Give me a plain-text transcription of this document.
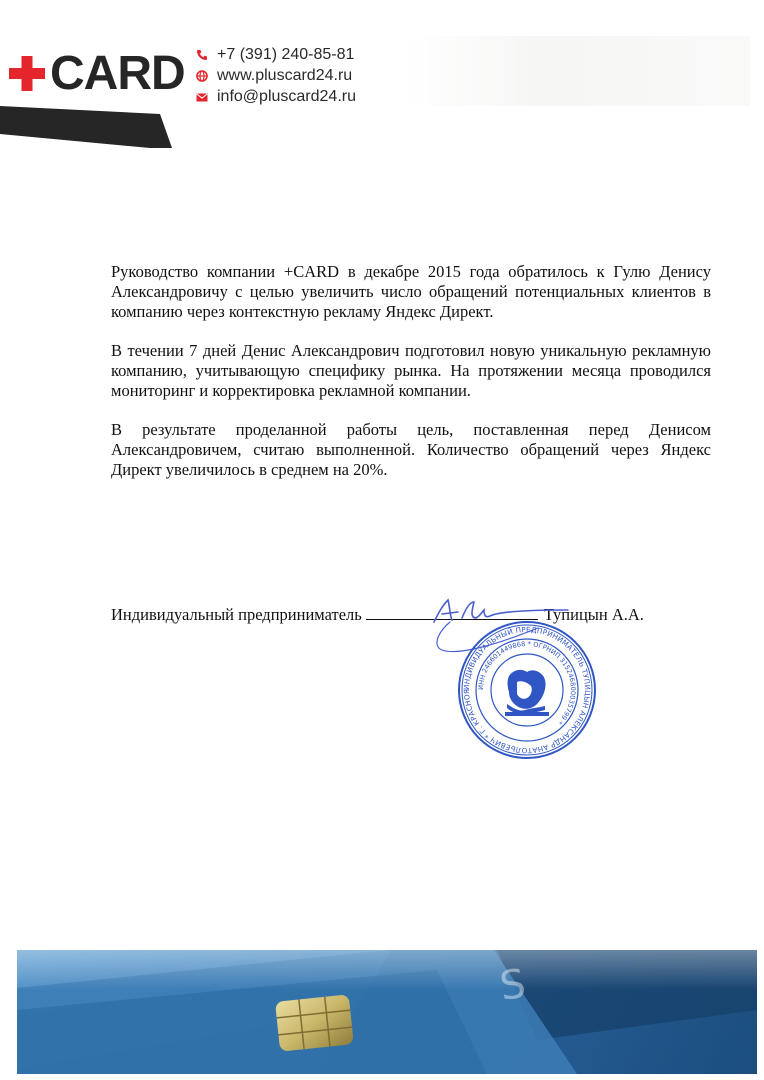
CARD +7 (391) 240-85-81
www.pluscard24.ru
info@pluscard24.ru

Руководство компании +CARD в декабре 2015 года обратилось к Гулю Денису Александровичу с целью увеличить число обращений потенциальных клиентов в компанию через контекстную рекламу Яндекс Директ.

В течении 7 дней Денис Александрович подготовил новую уникальную рекламную компанию, учитывающую специфику рынка. На протяжении месяца проводился мониторинг и корректировка рекламной компании.

В результате проделанной работы цель, поставленная перед Денисом Александровичем, считаю выполненной. Количество обращений через Яндекс Директ увеличилось в среднем на 20%.

Индивидуальный предприниматель	Тупицын А.А.
ИНДИВИДУАЛЬНЫЙ ПРЕДПРИНИМАТЕЛЬ ТУПИЦЫН АЛЕКСАНДР АНАТОЛЬЕВИЧ * Г. КРАСНОЯ
ИНН 246601449868 * ОГРНИП 315246800035799 *
